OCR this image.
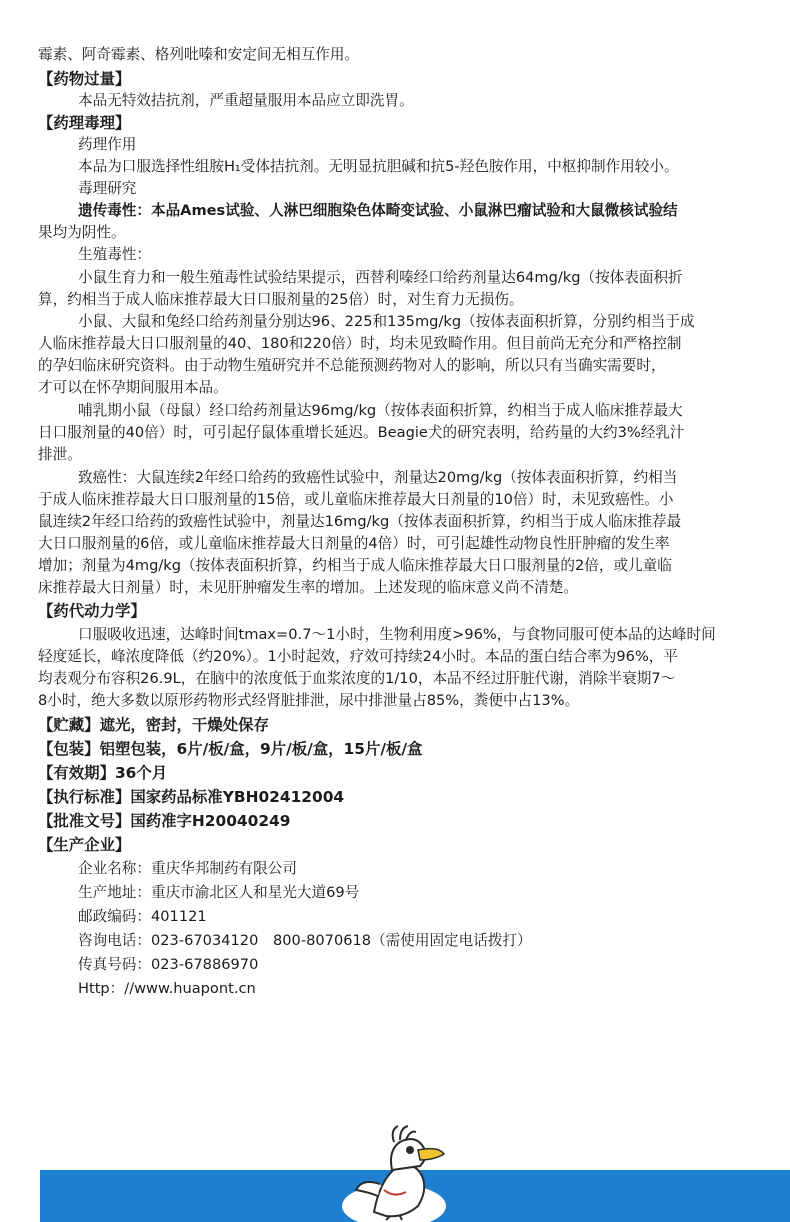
霉素、阿奇霉素、格列吡嗪和安定间无相互作用。
【药物过量】
本品无特效拮抗剂，严重超量服用本品应立即洗胃。
【药理毒理】
药理作用
本品为口服选择性组胺H₁受体拮抗剂。无明显抗胆碱和抗5-羟色胺作用，中枢抑制作用较小。
毒理研究
遗传毒性：本品Ames试验、人淋巴细胞染色体畸变试验、小鼠淋巴瘤试验和大鼠微核试验结
果均为阴性。
生殖毒性：
小鼠生育力和一般生殖毒性试验结果提示，西替利嗪经口给药剂量达64mg/kg（按体表面积折
算，约相当于成人临床推荐最大日口服剂量的25倍）时，对生育力无损伤。
小鼠、大鼠和兔经口给药剂量分别达96、225和135mg/kg（按体表面积折算，分别约相当于成
人临床推荐最大日口服剂量的40、180和220倍）时，均未见致畸作用。但目前尚无充分和严格控制
的孕妇临床研究资料。由于动物生殖研究并不总能预测药物对人的影响，所以只有当确实需要时，
才可以在怀孕期间服用本品。
哺乳期小鼠（母鼠）经口给药剂量达96mg/kg（按体表面积折算，约相当于成人临床推荐最大
日口服剂量的40倍）时，可引起仔鼠体重增长延迟。Beagie犬的研究表明，给药量的大约3%经乳汁
排泄。
致癌性：大鼠连续2年经口给药的致癌性试验中，剂量达20mg/kg（按体表面积折算，约相当
于成人临床推荐最大日口服剂量的15倍，或儿童临床推荐最大日剂量的10倍）时，未见致癌性。小
鼠连续2年经口给药的致癌性试验中，剂量达16mg/kg（按体表面积折算，约相当于成人临床推荐最
大日口服剂量的6倍，或儿童临床推荐最大日剂量的4倍）时，可引起雄性动物良性肝肿瘤的发生率
增加；剂量为4mg/kg（按体表面积折算，约相当于成人临床推荐最大日口服剂量的2倍，或儿童临
床推荐最大日剂量）时，未见肝肿瘤发生率的增加。上述发现的临床意义尚不清楚。
【药代动力学】
口服吸收迅速，达峰时间tmax=0.7～1小时，生物利用度>96%，与食物同服可使本品的达峰时间
轻度延长，峰浓度降低（约20%）。1小时起效，疗效可持续24小时。本品的蛋白结合率为96%，平
均表观分布容积26.9L，在脑中的浓度低于血浆浓度的1/10，本品不经过肝脏代谢，消除半衰期7～
8小时，绝大多数以原形药物形式经肾脏排泄，尿中排泄量占85%，粪便中占13%。
【贮藏】遮光，密封，干燥处保存
【包装】铝塑包装，6片/板/盒，9片/板/盒，15片/板/盒
【有效期】36个月
【执行标准】国家药品标准YBH02412004
【批准文号】国药准字H20040249
【生产企业】
企业名称：重庆华邦制药有限公司
生产地址：重庆市渝北区人和星光大道69号
邮政编码：401121
咨询电话：023-67034120　800-8070618（需使用固定电话拨打）
传真号码：023-67886970
Http：//www.huapont.cn
